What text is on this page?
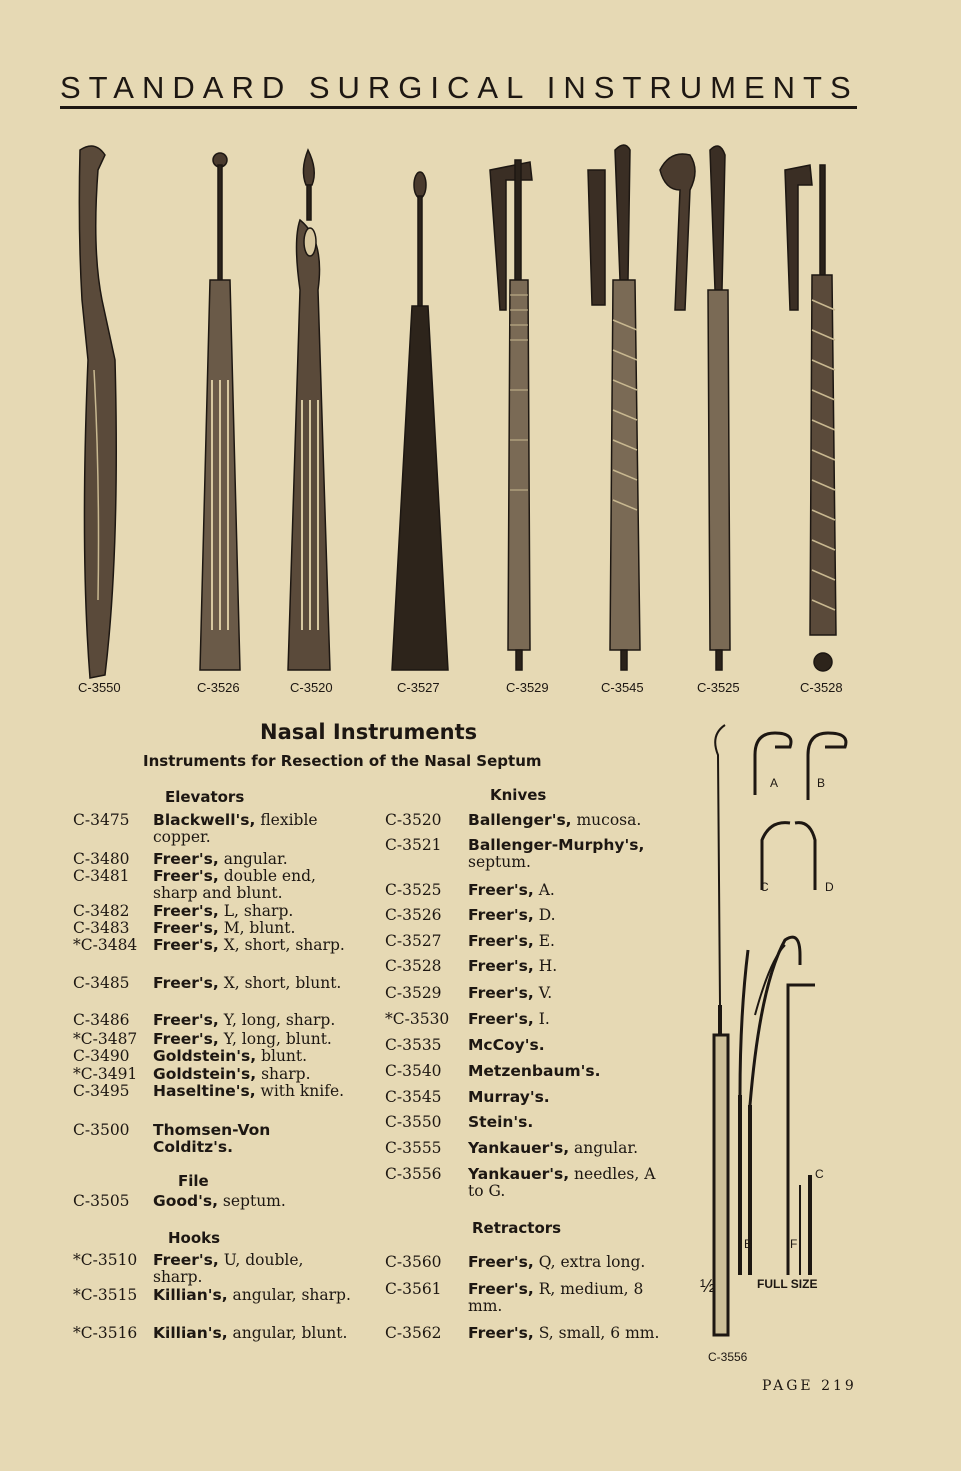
STANDARD SURGICAL INSTRUMENTS
C-3550	C-3526	C-3520	C-3527	C-3529	C-3545	C-3525	C-3528
Nasal Instruments
Instruments for Resection of the Nasal Septum
Elevators
C-3475 Blackwell's, flexible copper.
C-3480 Freer's, angular.
C-3481 Freer's, double end, sharp and blunt.
C-3482 Freer's, L, sharp.
C-3483 Freer's, M, blunt.
*C-3484 Freer's, X, short, sharp.
C-3485 Freer's, X, short, blunt.
C-3486 Freer's, Y, long, sharp.
*C-3487 Freer's, Y, long, blunt.
C-3490 Goldstein's, blunt.
*C-3491 Goldstein's, sharp.
C-3495 Haseltine's, with knife.
C-3500 Thomsen-Von Colditz's.
File
C-3505 Good's, septum.
Hooks
*C-3510 Freer's, U, double, sharp.
*C-3515 Killian's, angular, sharp.
*C-3516 Killian's, angular, blunt.
Knives
C-3520 Ballenger's, mucosa.
C-3521 Ballenger-Murphy's, septum.
C-3525 Freer's, A.
C-3526 Freer's, D.
C-3527 Freer's, E.
C-3528 Freer's, H.
C-3529 Freer's, V.
*C-3530 Freer's, I.
C-3535 McCoy's.
C-3540 Metzenbaum's.
C-3545 Murray's.
C-3550 Stein's.
C-3555 Yankauer's, angular.
C-3556 Yankauer's, needles, A to G.
Retractors
C-3560 Freer's, Q, extra long.
C-3561 Freer's, R, medium, 8 mm.
C-3562 Freer's, S, small, 6 mm.
A	B
C	D
C
E	F
½	FULL SIZE
C-3556
PAGE 219
